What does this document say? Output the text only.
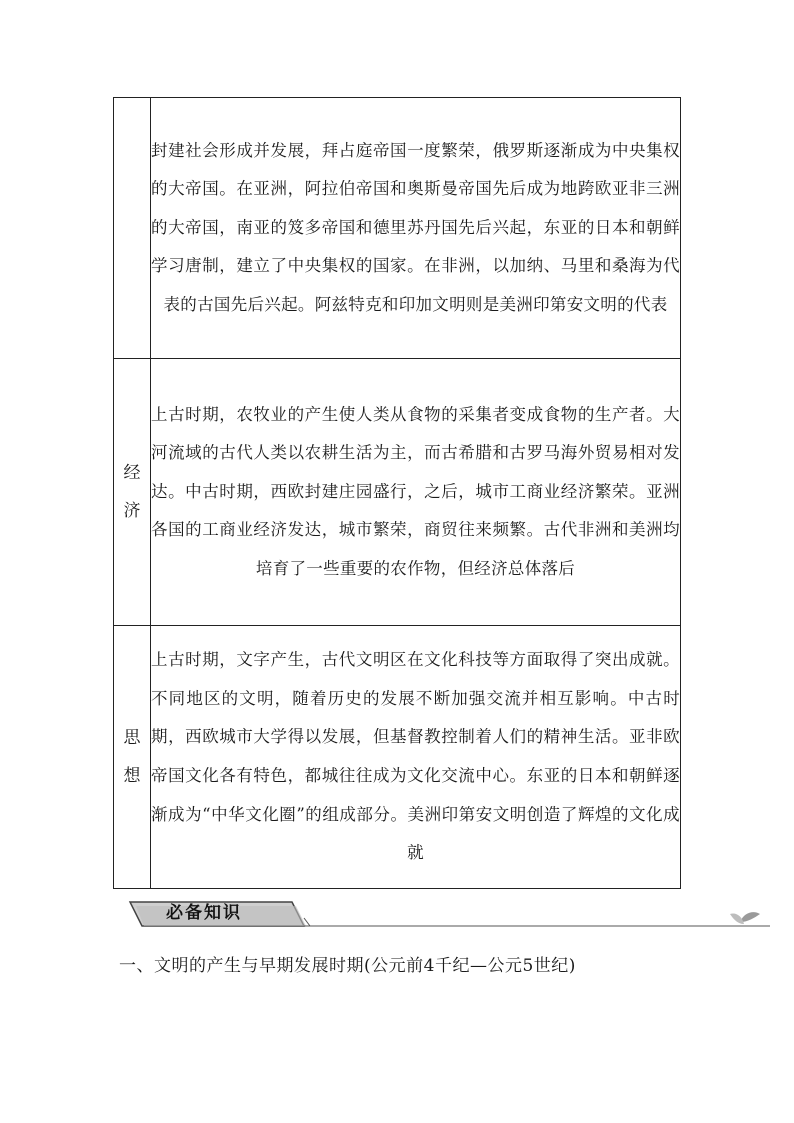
	封建社会形成并发展，拜占庭帝国一度繁荣，俄罗斯逐渐成为中央集权的大帝国。在亚洲，阿拉伯帝国和奥斯曼帝国先后成为地跨欧亚非三洲的大帝国，南亚的笈多帝国和德里苏丹国先后兴起，东亚的日本和朝鲜学习唐制，建立了中央集权的国家。在非洲，以加纳、马里和桑海为代表的古国先后兴起。阿兹特克和印加文明则是美洲印第安文明的代表

经
济	上古时期，农牧业的产生使人类从食物的采集者变成食物的生产者。大河流域的古代人类以农耕生活为主，而古希腊和古罗马海外贸易相对发达。中古时期，西欧封建庄园盛行，之后，城市工商业经济繁荣。亚洲各国的工商业经济发达，城市繁荣，商贸往来频繁。古代非洲和美洲均培育了一些重要的农作物，但经济总体落后

思
想	上古时期，文字产生，古代文明区在文化科技等方面取得了突出成就。不同地区的文明，随着历史的发展不断加强交流并相互影响。中古时期，西欧城市大学得以发展，但基督教控制着人们的精神生活。亚非欧帝国文化各有特色，都城往往成为文化交流中心。东亚的日本和朝鲜逐渐成为“中华文化圈”的组成部分。美洲印第安文明创造了辉煌的文化成就
必备知识
一、文明的产生与早期发展时期(公元前4千纪—公元5世纪)
